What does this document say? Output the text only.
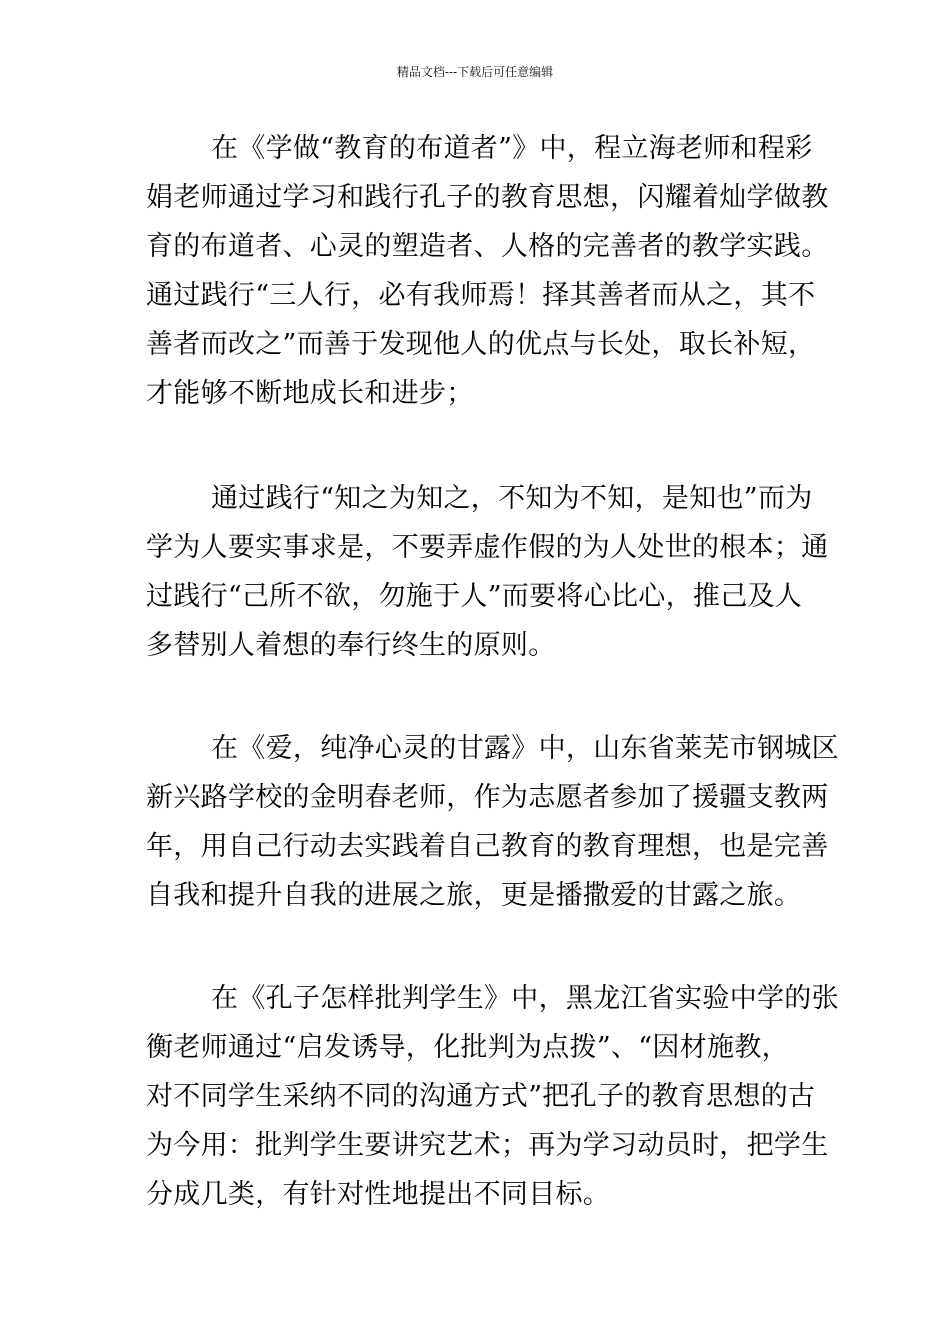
精品文档---下载后可任意编辑
在《学做“教育的布道者”》中，程立海老师和程彩
娟老师通过学习和践行孔子的教育思想，闪耀着灿学做教
育的布道者、心灵的塑造者、人格的完善者的教学实践。
通过践行“三人行，必有我师焉！择其善者而从之，其不
善者而改之”而善于发现他人的优点与长处，取长补短，
才能够不断地成长和进步；
通过践行“知之为知之，不知为不知，是知也”而为
学为人要实事求是，不要弄虚作假的为人处世的根本；通
过践行“己所不欲，勿施于人”而要将心比心，推己及人
多替别人着想的奉行终生的原则。
在《爱，纯净心灵的甘露》中，山东省莱芜市钢城区
新兴路学校的金明春老师，作为志愿者参加了援疆支教两
年，用自己行动去实践着自己教育的教育理想，也是完善
自我和提升自我的进展之旅，更是播撒爱的甘露之旅。
在《孔子怎样批判学生》中，黑龙江省实验中学的张
衡老师通过“启发诱导，化批判为点拨”、“因材施教，
对不同学生采纳不同的沟通方式”把孔子的教育思想的古
为今用：批判学生要讲究艺术；再为学习动员时，把学生
分成几类，有针对性地提出不同目标。
